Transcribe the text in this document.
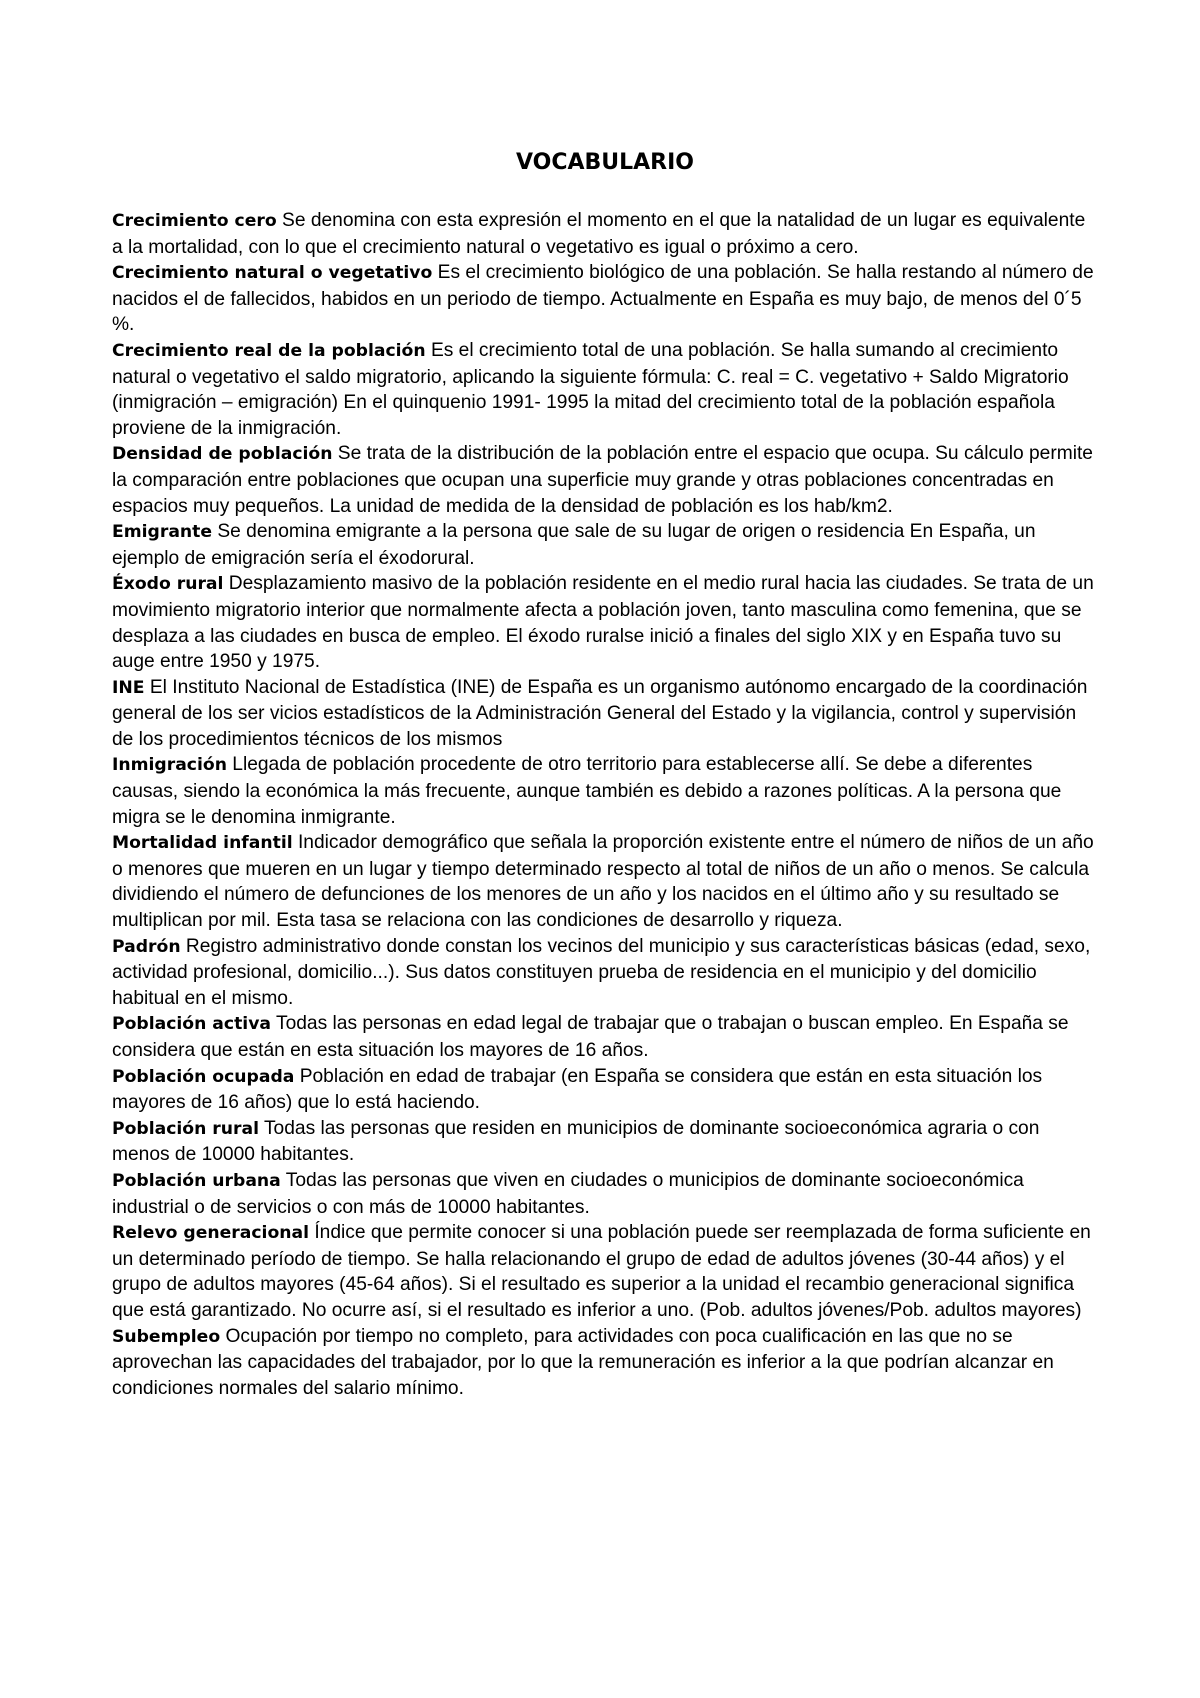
VOCABULARIO

Crecimiento cero Se denomina con esta expresión el momento en el que la natalidad de un lugar es equivalente a la mortalidad, con lo que el crecimiento natural o vegetativo es igual o próximo a cero.

Crecimiento natural o vegetativo Es el crecimiento biológico de una población. Se halla restando al número de nacidos el de fallecidos, habidos en un periodo de tiempo. Actualmente en España es muy bajo, de menos del 0´5 %.

Crecimiento real de la población Es el crecimiento total de una población. Se halla sumando al crecimiento natural o vegetativo el saldo migratorio, aplicando la siguiente fórmula: C. real = C. vegetativo + Saldo Migratorio (inmigración – emigración) En el quinquenio 1991- 1995 la mitad del crecimiento total de la población española proviene de la inmigración.

Densidad de población Se trata de la distribución de la población entre el espacio que ocupa. Su cálculo permite la comparación entre poblaciones que ocupan una superficie muy grande y otras poblaciones concentradas en espacios muy pequeños. La unidad de medida de la densidad de población es los hab/km2.

Emigrante Se denomina emigrante a la persona que sale de su lugar de origen o residencia En España, un ejemplo de emigración sería el éxodorural.

Éxodo rural Desplazamiento masivo de la población residente en el medio rural hacia las ciudades. Se trata de un movimiento migratorio interior que normalmente afecta a población joven, tanto masculina como femenina, que se desplaza a las ciudades en busca de empleo. El éxodo ruralse inició a finales del siglo XIX y en España tuvo su auge entre 1950 y 1975.

INE El Instituto Nacional de Estadística (INE) de España es un organismo autónomo encargado de la coordinación general de los ser vicios estadísticos de la Administración General del Estado y la vigilancia, control y supervisión de los procedimientos técnicos de los mismos

Inmigración Llegada de población procedente de otro territorio para establecerse allí. Se debe a diferentes causas, siendo la económica la más frecuente, aunque también es debido a razones políticas. A la persona que migra se le denomina inmigrante.

Mortalidad infantil Indicador demográfico que señala la proporción existente entre el número de niños de un año o menores que mueren en un lugar y tiempo determinado respecto al total de niños de un año o menos. Se calcula dividiendo el número de defunciones de los menores de un año y los nacidos en el último año y su resultado se multiplican por mil. Esta tasa se relaciona con las condiciones de desarrollo y riqueza.

Padrón Registro administrativo donde constan los vecinos del municipio y sus características básicas (edad, sexo, actividad profesional, domicilio...). Sus datos constituyen prueba de residencia en el municipio y del domicilio habitual en el mismo.

Población activa Todas las personas en edad legal de trabajar que o trabajan o buscan empleo. En España se considera que están en esta situación los mayores de 16 años.

Población ocupada Población en edad de trabajar (en España se considera que están en esta situación los mayores de 16 años) que lo está haciendo.

Población rural Todas las personas que residen en municipios de dominante socioeconómica agraria o con menos de 10000 habitantes.

Población urbana Todas las personas que viven en ciudades o municipios de dominante socioeconómica industrial o de servicios o con más de 10000 habitantes.

Relevo generacional Índice que permite conocer si una población puede ser reemplazada de forma suficiente en un determinado período de tiempo. Se halla relacionando el grupo de edad de adultos jóvenes (30-44 años) y el grupo de adultos mayores (45-64 años). Si el resultado es superior a la unidad el recambio generacional significa que está garantizado. No ocurre así, si el resultado es inferior a uno. (Pob. adultos jóvenes/Pob. adultos mayores)

Subempleo Ocupación por tiempo no completo, para actividades con poca cualificación en las que no se aprovechan las capacidades del trabajador, por lo que la remuneración es inferior a la que podrían alcanzar en condiciones normales del salario mínimo.
